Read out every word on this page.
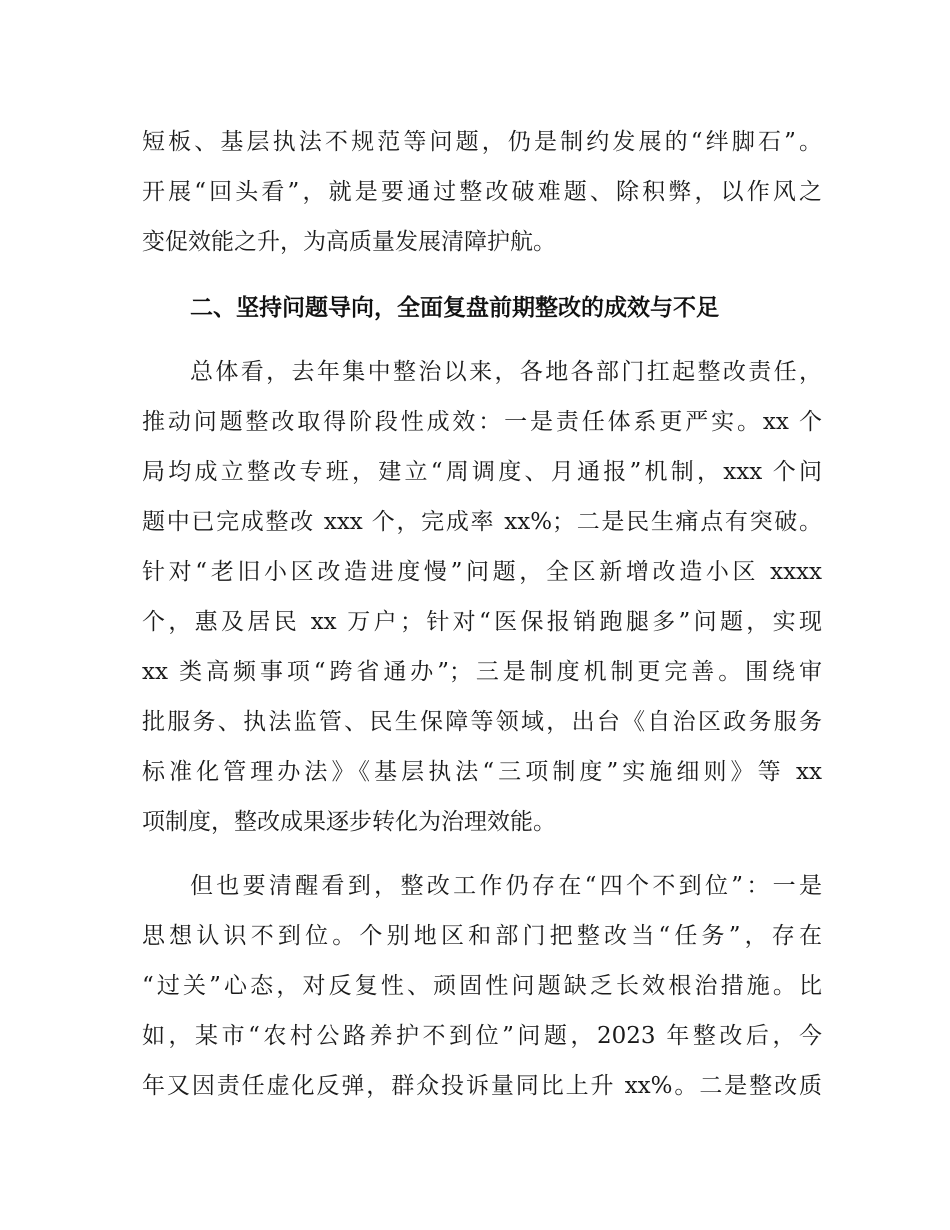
短板、基层执法不规范等问题，仍是制约发展的“绊脚石”。
开展“回头看”，就是要通过整改破难题、除积弊，以作风之
变促效能之升，为高质量发展清障护航。
二、坚持问题导向，全面复盘前期整改的成效与不足
总体看，去年集中整治以来，各地各部门扛起整改责任，
推动问题整改取得阶段性成效：一是责任体系更严实。xx 个
局均成立整改专班，建立“周调度、月通报”机制，xxx 个问
题中已完成整改 xxx 个，完成率 xx%；二是民生痛点有突破。
针对“老旧小区改造进度慢”问题，全区新增改造小区 xxxx
个，惠及居民 xx 万户；针对“医保报销跑腿多”问题，实现
xx 类高频事项“跨省通办”；三是制度机制更完善。围绕审
批服务、执法监管、民生保障等领域，出台《自治区政务服务
标准化管理办法》《基层执法“三项制度”实施细则》等 xx
项制度，整改成果逐步转化为治理效能。
但也要清醒看到，整改工作仍存在“四个不到位”：一是
思想认识不到位。个别地区和部门把整改当“任务”，存在
“过关”心态，对反复性、顽固性问题缺乏长效根治措施。比
如，某市“农村公路养护不到位”问题，2023 年整改后，今
年又因责任虚化反弹，群众投诉量同比上升 xx%。二是整改质
